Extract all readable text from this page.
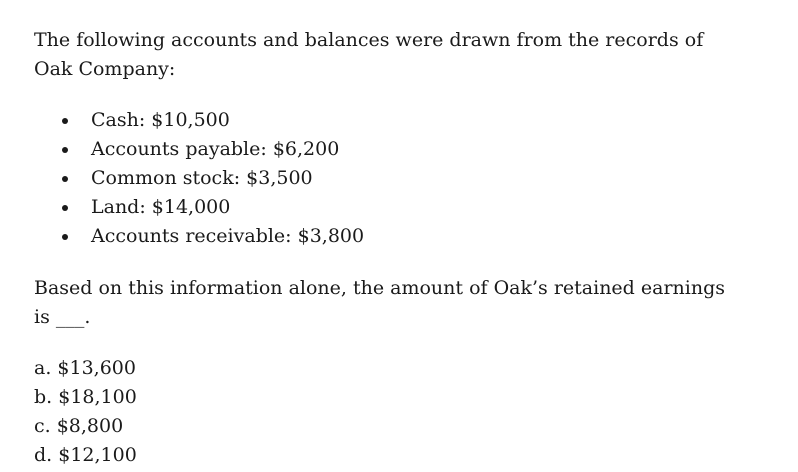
The following accounts and balances were drawn from the records of Oak Company:

Cash: $10,500
Accounts payable: $6,200
Common stock: $3,500
Land: $14,000
Accounts receivable: $3,800

Based on this information alone, the amount of Oak’s retained earnings is ___.

a. $13,600
b. $18,100
c. $8,800
d. $12,100
